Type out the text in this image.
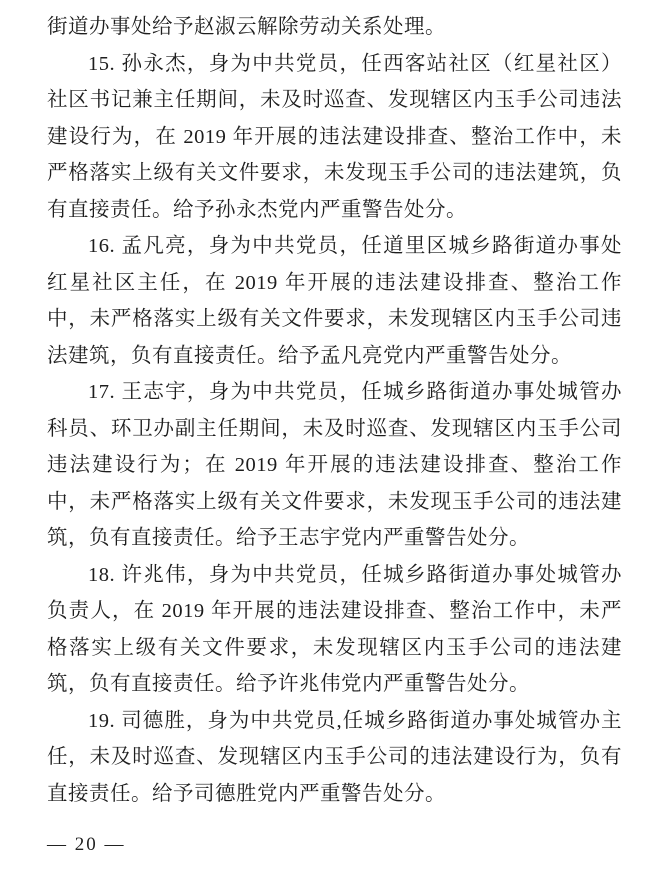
街道办事处给予赵淑云解除劳动关系处理。

15. 孙永杰，身为中共党员，任西客站社区（红星社区）社区书记兼主任期间，未及时巡查、发现辖区内玉手公司违法建设行为，在 2019 年开展的违法建设排查、整治工作中，未严格落实上级有关文件要求，未发现玉手公司的违法建筑，负有直接责任。给予孙永杰党内严重警告处分。

16. 孟凡亮，身为中共党员，任道里区城乡路街道办事处红星社区主任，在 2019 年开展的违法建设排查、整治工作中，未严格落实上级有关文件要求，未发现辖区内玉手公司违法建筑，负有直接责任。给予孟凡亮党内严重警告处分。

17. 王志宇，身为中共党员，任城乡路街道办事处城管办科员、环卫办副主任期间，未及时巡查、发现辖区内玉手公司违法建设行为；在 2019 年开展的违法建设排查、整治工作中，未严格落实上级有关文件要求，未发现玉手公司的违法建筑，负有直接责任。给予王志宇党内严重警告处分。

18. 许兆伟，身为中共党员，任城乡路街道办事处城管办负责人，在 2019 年开展的违法建设排查、整治工作中，未严格落实上级有关文件要求，未发现辖区内玉手公司的违法建筑，负有直接责任。给予许兆伟党内严重警告处分。

19. 司德胜，身为中共党员,任城乡路街道办事处城管办主任，未及时巡查、发现辖区内玉手公司的违法建设行为，负有直接责任。给予司德胜党内严重警告处分。

— 20 —
